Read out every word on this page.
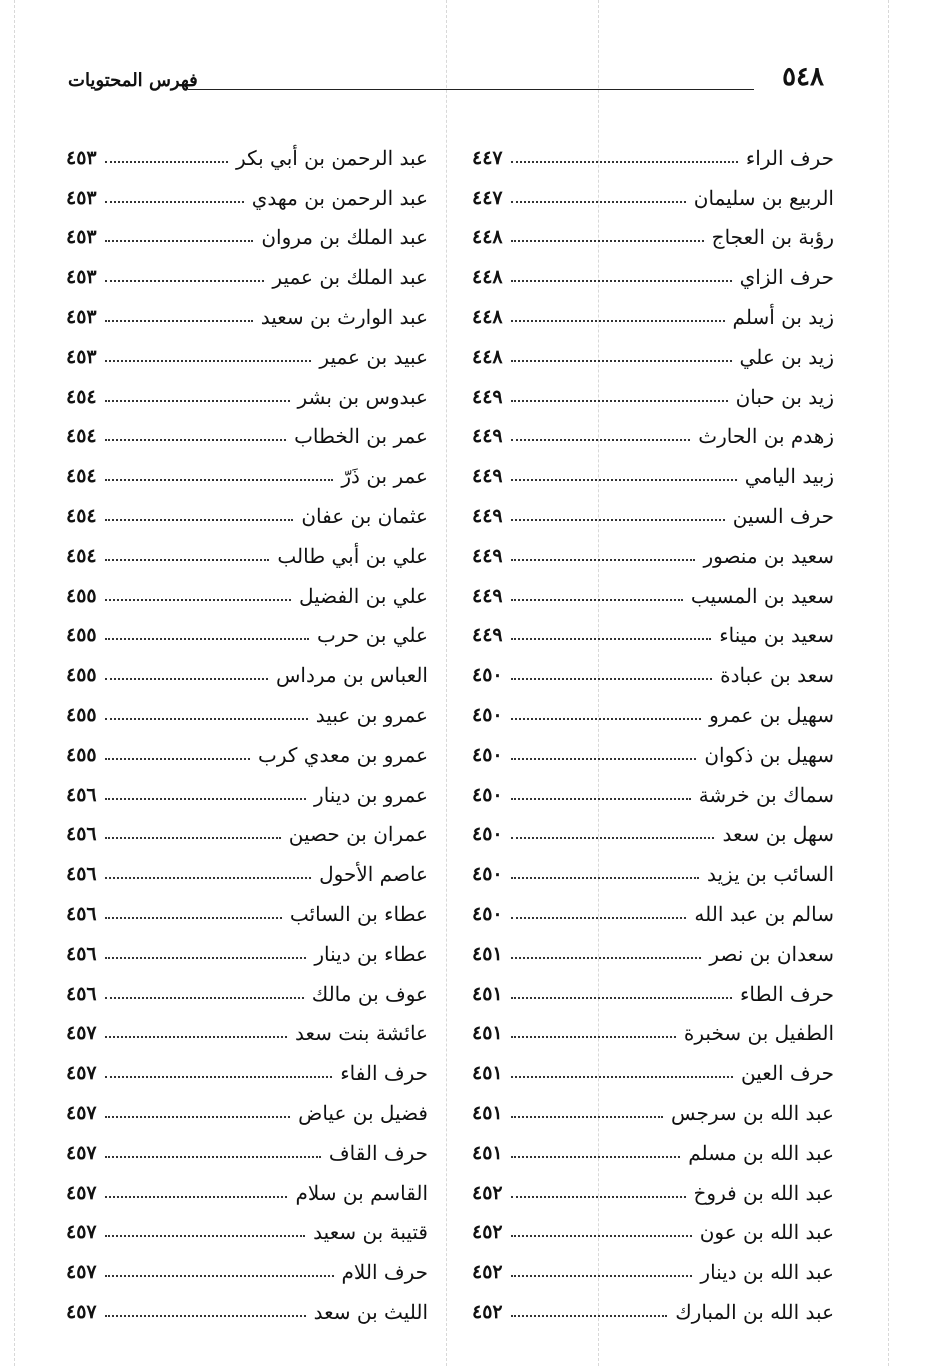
٥٤٨
فهرس المحتويات
حرف الراء
٤٤٧
الربيع بن سليمان
٤٤٧
رؤبة بن العجاج
٤٤٨
حرف الزاي
٤٤٨
زيد بن أسلم
٤٤٨
زيد بن علي
٤٤٨
زيد بن حبان
٤٤٩
زهدم بن الحارث
٤٤٩
زبيد اليامي
٤٤٩
حرف السين
٤٤٩
سعيد بن منصور
٤٤٩
سعيد بن المسيب
٤٤٩
سعيد بن ميناء
٤٤٩
سعد بن عبادة
٤٥٠
سهيل بن عمرو
٤٥٠
سهيل بن ذكوان
٤٥٠
سماك بن خرشة
٤٥٠
سهل بن سعد
٤٥٠
السائب بن يزيد
٤٥٠
سالم بن عبد الله
٤٥٠
سعدان بن نصر
٤٥١
حرف الطاء
٤٥١
الطفيل بن سخبرة
٤٥١
حرف العين
٤٥١
عبد الله بن سرجس
٤٥١
عبد الله بن مسلم
٤٥١
عبد الله بن فروخ
٤٥٢
عبد الله بن عون
٤٥٢
عبد الله بن دينار
٤٥٢
عبد الله بن المبارك
٤٥٢
عبد الرحمن بن أبي بكر
٤٥٣
عبد الرحمن بن مهدي
٤٥٣
عبد الملك بن مروان
٤٥٣
عبد الملك بن عمير
٤٥٣
عبد الوارث بن سعيد
٤٥٣
عبيد بن عمير
٤٥٣
عبدوس بن بشر
٤٥٤
عمر بن الخطاب
٤٥٤
عمر بن ذَرّ
٤٥٤
عثمان بن عفان
٤٥٤
علي بن أبي طالب
٤٥٤
علي بن الفضيل
٤٥٥
علي بن حرب
٤٥٥
العباس بن مرداس
٤٥٥
عمرو بن عبيد
٤٥٥
عمرو بن معدي كرب
٤٥٥
عمرو بن دينار
٤٥٦
عمران بن حصين
٤٥٦
عاصم الأحول
٤٥٦
عطاء بن السائب
٤٥٦
عطاء بن دينار
٤٥٦
عوف بن مالك
٤٥٦
عائشة بنت سعد
٤٥٧
حرف الفاء
٤٥٧
فضيل بن عياض
٤٥٧
حرف القاف
٤٥٧
القاسم بن سلام
٤٥٧
قتيبة بن سعيد
٤٥٧
حرف اللام
٤٥٧
الليث بن سعد
٤٥٧
